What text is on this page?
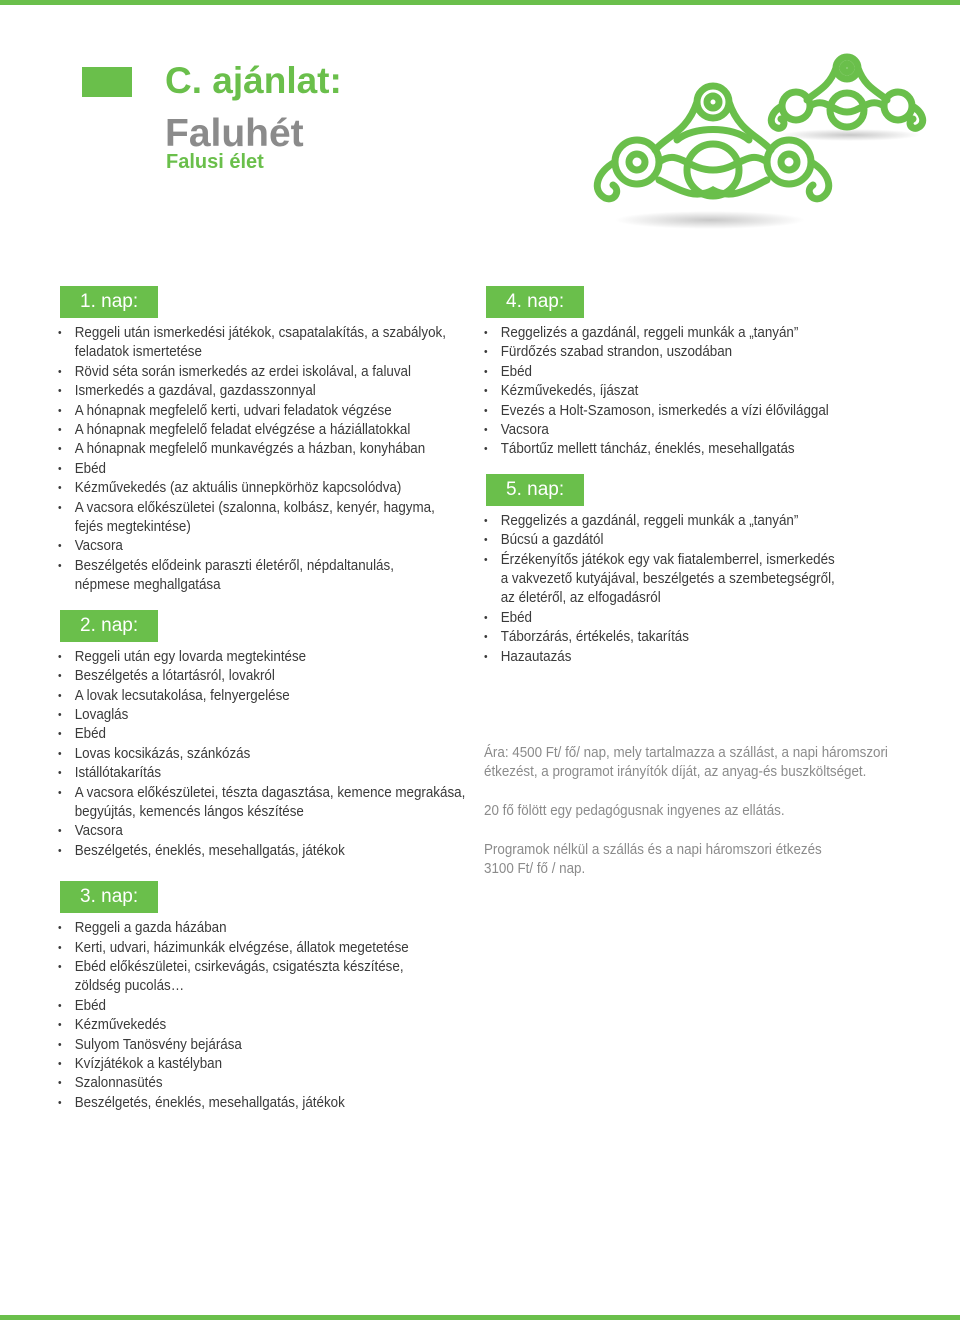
C. ajánlat:
Faluhét
Falusi élet
1. nap:
• Reggeli után ismerkedési játékok, csapatalakítás, a szabályok,
feladatok ismertetése
• Rövid séta során ismerkedés az erdei iskolával, a faluval
• Ismerkedés a gazdával, gazdasszonnyal
• A hónapnak megfelelő kerti, udvari feladatok végzése
• A hónapnak megfelelő feladat elvégzése a háziállatokkal
• A hónapnak megfelelő munkavégzés a házban, konyhában
• Ebéd
• Kézművekedés (az aktuális ünnepkörhöz kapcsolódva)
• A vacsora előkészületei (szalonna, kolbász, kenyér, hagyma,
fejés megtekintése)
• Vacsora
• Beszélgetés elődeink paraszti életéről, népdaltanulás,
népmese meghallgatása
2. nap:
• Reggeli után egy lovarda megtekintése
• Beszélgetés a lótartásról, lovakról
• A lovak lecsutakolása, felnyergelése
• Lovaglás
• Ebéd
• Lovas kocsikázás, szánkózás
• Istállótakarítás
• A vacsora előkészületei, tészta dagasztása, kemence megrakása,
begyújtás, kemencés lángos készítése
• Vacsora
• Beszélgetés, éneklés, mesehallgatás, játékok
3. nap:
• Reggeli a gazda házában
• Kerti, udvari, házimunkák elvégzése, állatok megetetése
• Ebéd előkészületei, csirkevágás, csigatészta készítése,
zöldség pucolás…
• Ebéd
• Kézművekedés
• Sulyom Tanösvény bejárása
• Kvízjátékok a kastélyban
• Szalonnasütés
• Beszélgetés, éneklés, mesehallgatás, játékok
4. nap:
• Reggelizés a gazdánál, reggeli munkák a „tanyán”
• Fürdőzés szabad strandon, uszodában
• Ebéd
• Kézművekedés, íjászat
• Evezés a Holt-Szamoson, ismerkedés a vízi élővilággal
• Vacsora
• Tábortűz mellett táncház, éneklés, mesehallgatás
5. nap:
• Reggelizés a gazdánál, reggeli munkák a „tanyán”
• Búcsú a gazdától
• Érzékenyítős játékok egy vak fiatalemberrel, ismerkedés
a vakvezető kutyájával, beszélgetés a szembetegségről,
az életéről, az elfogadásról
• Ebéd
• Táborzárás, értékelés, takarítás
• Hazautazás

Ára: 4500 Ft/ fő/ nap, mely tartalmazza a szállást, a napi háromszori

étkezést, a programot irányítók díját, az anyag-és buszköltséget.

20 fő fölött egy pedagógusnak ingyenes az ellátás.

Programok nélkül a szállás és a napi háromszori étkezés

3100 Ft/ fő / nap.
